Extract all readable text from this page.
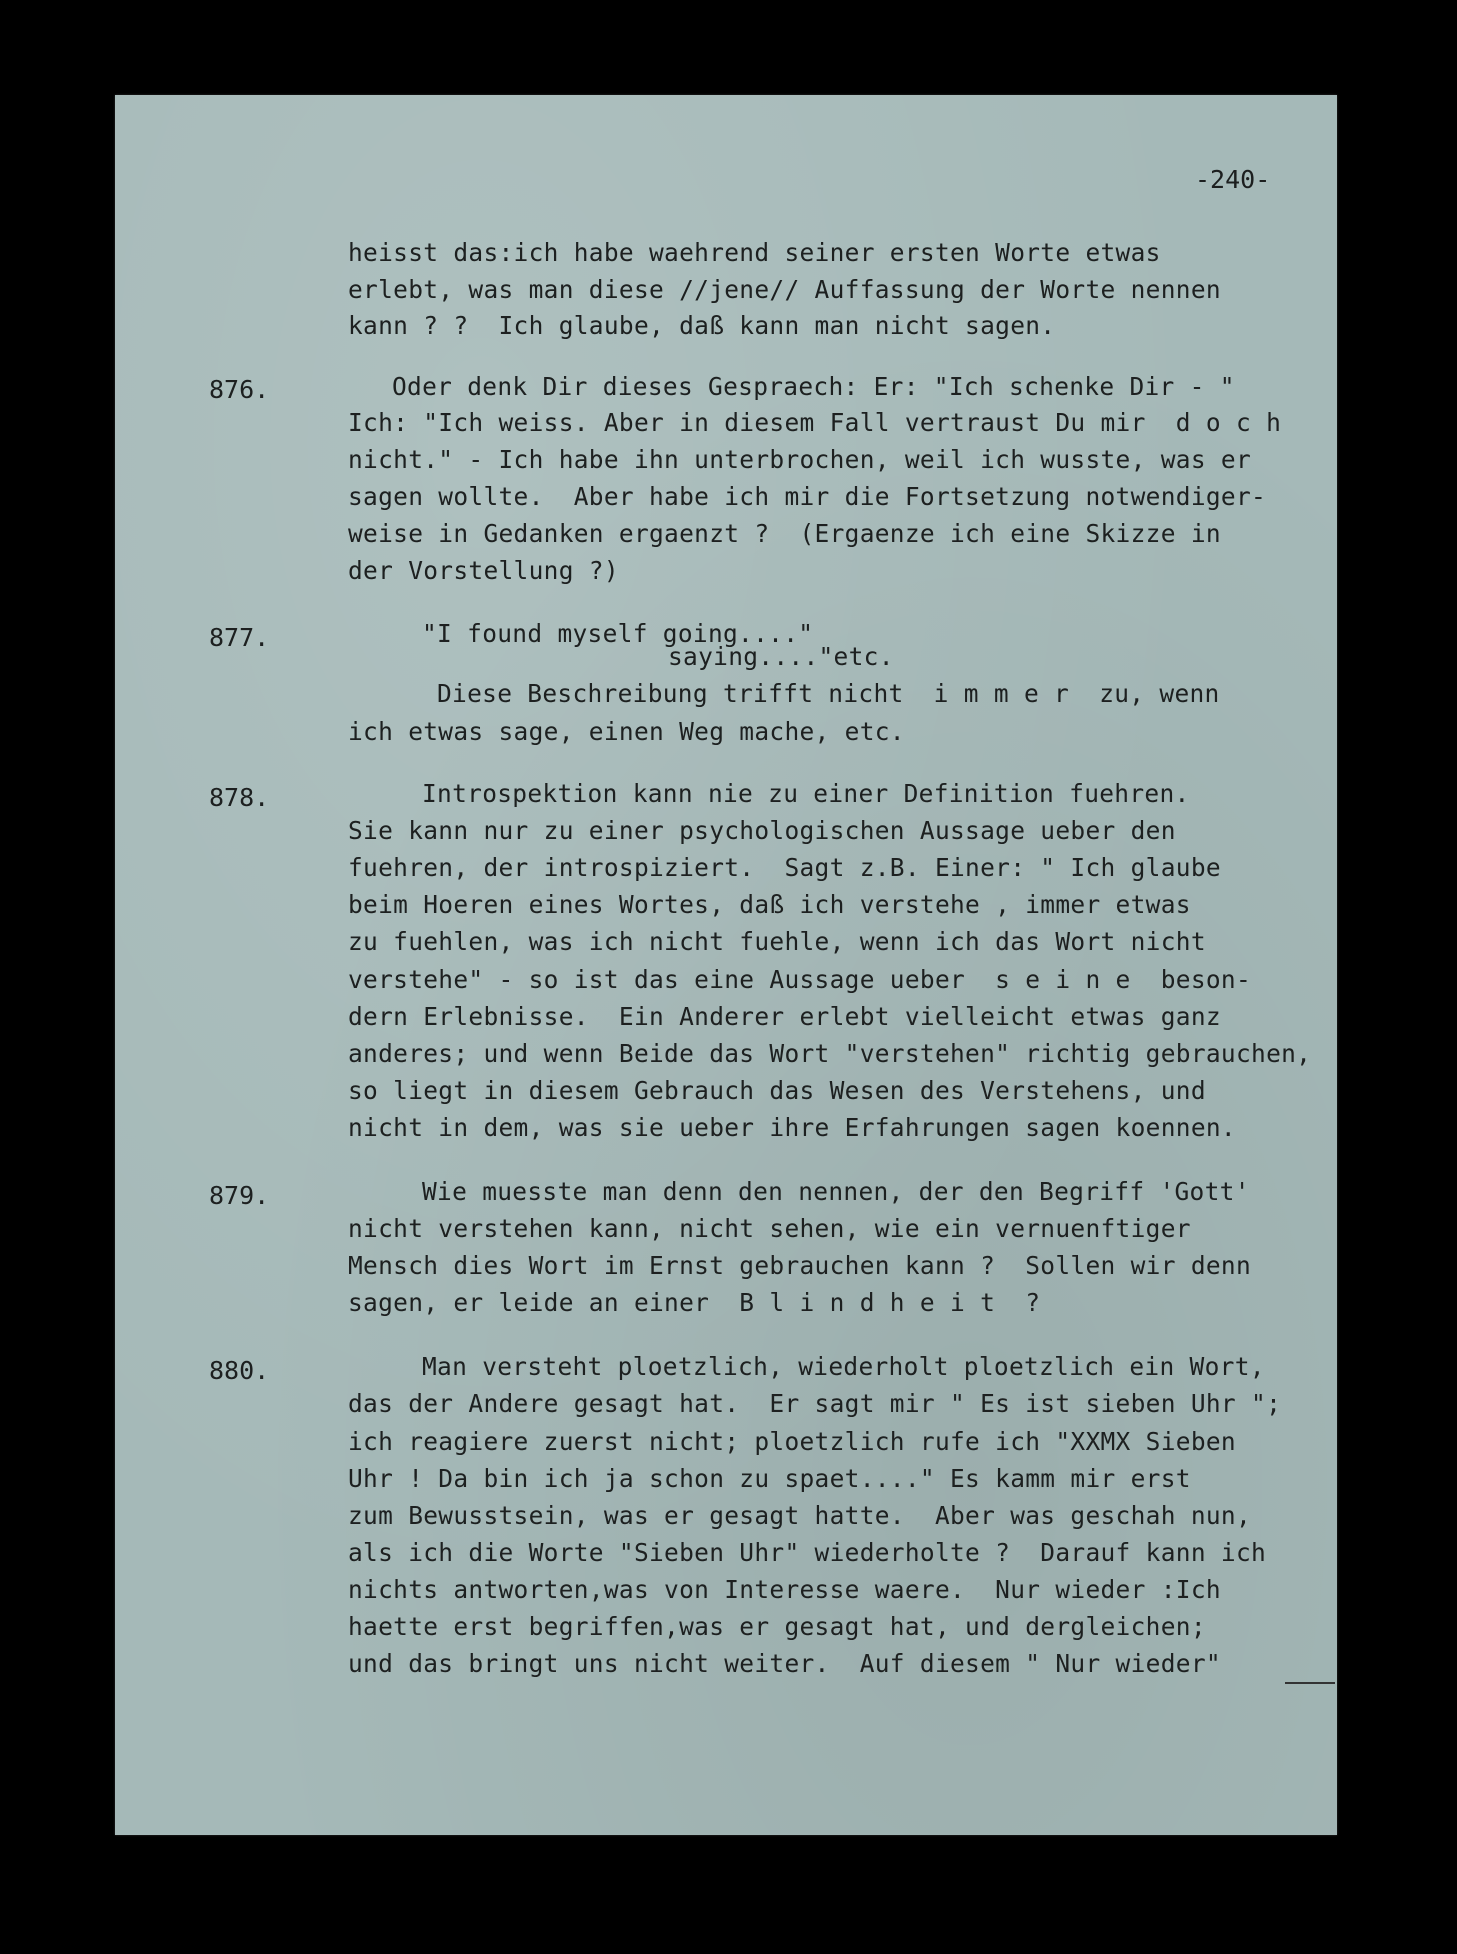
-240-
heisst das:ich habe waehrend seiner ersten Worte etwas
erlebt, was man diese //jene// Auffassung der Worte nennen
kann ? ?  Ich glaube, daß kann man nicht sagen.
876.	Oder denk Dir dieses Gespraech: Er: "Ich schenke Dir - "
Ich: "Ich weiss. Aber in diesem Fall vertraust Du mir  d o c h
nicht." - Ich habe ihn unterbrochen, weil ich wusste, was er
sagen wollte.  Aber habe ich mir die Fortsetzung notwendiger-
weise in Gedanken ergaenzt ?  (Ergaenze ich eine Skizze in
der Vorstellung ?)
877.	"I found myself going...."
saying...."etc.
Diese Beschreibung trifft nicht  i m m e r  zu, wenn
ich etwas sage, einen Weg mache, etc.
878.	Introspektion kann nie zu einer Definition fuehren.
Sie kann nur zu einer psychologischen Aussage ueber den
fuehren, der introspiziert.  Sagt z.B. Einer: " Ich glaube
beim Hoeren eines Wortes, daß ich verstehe , immer etwas
zu fuehlen, was ich nicht fuehle, wenn ich das Wort nicht
verstehe" - so ist das eine Aussage ueber  s e i n e  beson-
dern Erlebnisse.  Ein Anderer erlebt vielleicht etwas ganz
anderes; und wenn Beide das Wort "verstehen" richtig gebrauchen,
so liegt in diesem Gebrauch das Wesen des Verstehens, und
nicht in dem, was sie ueber ihre Erfahrungen sagen koennen.
879.	Wie muesste man denn den nennen, der den Begriff 'Gott'
nicht verstehen kann, nicht sehen, wie ein vernuenftiger
Mensch dies Wort im Ernst gebrauchen kann ?  Sollen wir denn
sagen, er leide an einer  B l i n d h e i t  ?
880.	Man versteht ploetzlich, wiederholt ploetzlich ein Wort,
das der Andere gesagt hat.  Er sagt mir " Es ist sieben Uhr ";
ich reagiere zuerst nicht; ploetzlich rufe ich "XXMX Sieben
Uhr ! Da bin ich ja schon zu spaet...." Es kamm mir erst
zum Bewusstsein, was er gesagt hatte.  Aber was geschah nun,
als ich die Worte "Sieben Uhr" wiederholte ?  Darauf kann ich
nichts antworten,was von Interesse waere.  Nur wieder :Ich
haette erst begriffen,was er gesagt hat, und dergleichen;
und das bringt uns nicht weiter.  Auf diesem " Nur wieder"
